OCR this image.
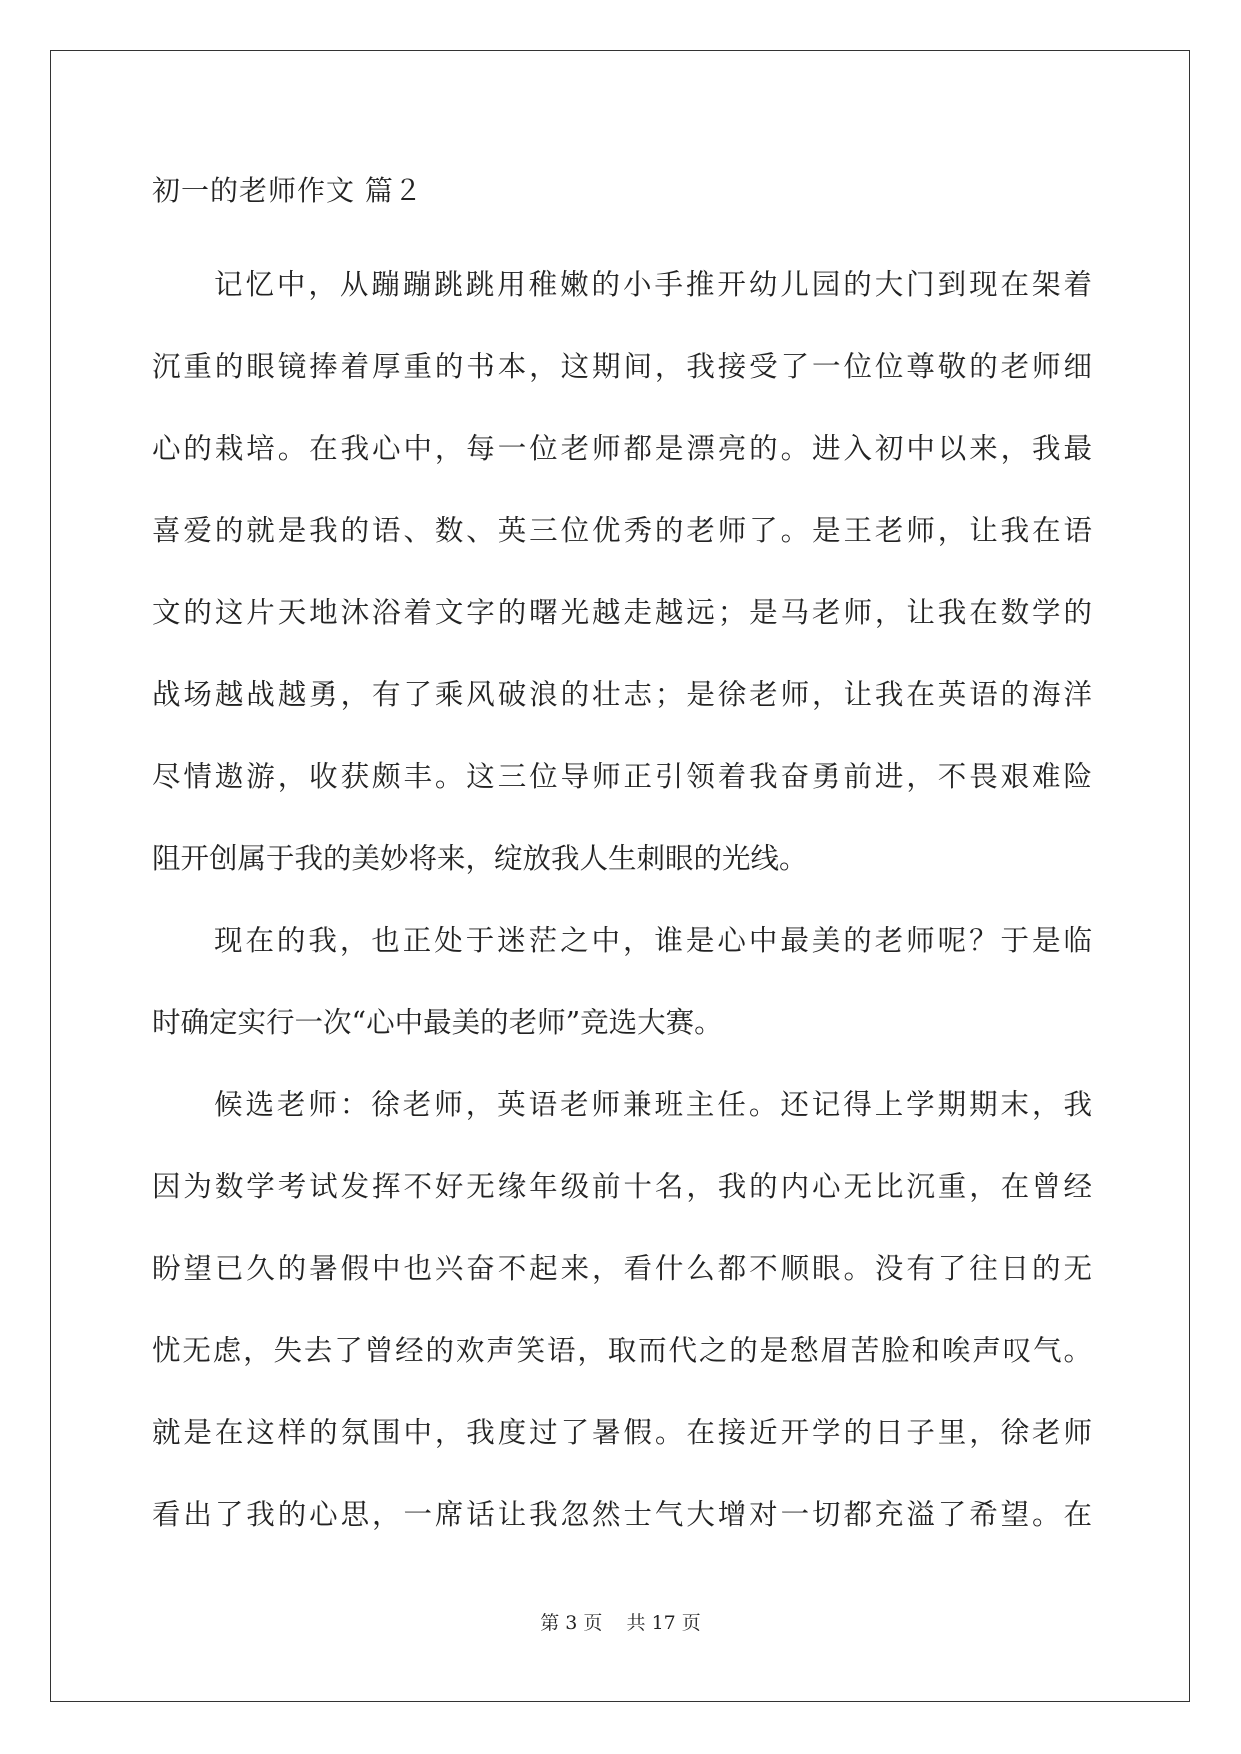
初一的老师作文 篇２
记忆中，从蹦蹦跳跳用稚嫩的小手推开幼儿园的大门到现在架着
沉重的眼镜捧着厚重的书本，这期间，我接受了一位位尊敬的老师细
心的栽培。在我心中，每一位老师都是漂亮的。进入初中以来，我最
喜爱的就是我的语、数、英三位优秀的老师了。是王老师，让我在语
文的这片天地沐浴着文字的曙光越走越远；是马老师，让我在数学的
战场越战越勇，有了乘风破浪的壮志；是徐老师，让我在英语的海洋
尽情遨游，收获颇丰。这三位导师正引领着我奋勇前进，不畏艰难险
阻开创属于我的美妙将来，绽放我人生刺眼的光线。
现在的我，也正处于迷茫之中，谁是心中最美的老师呢？于是临
时确定实行一次“心中最美的老师”竞选大赛。
候选老师：徐老师，英语老师兼班主任。还记得上学期期末，我
因为数学考试发挥不好无缘年级前十名，我的内心无比沉重，在曾经
盼望已久的暑假中也兴奋不起来，看什么都不顺眼。没有了往日的无
忧无虑，失去了曾经的欢声笑语，取而代之的是愁眉苦脸和唉声叹气。
就是在这样的氛围中，我度过了暑假。在接近开学的日子里，徐老师
看出了我的心思，一席话让我忽然士气大增对一切都充溢了希望。在
第 3 页    共 17 页
